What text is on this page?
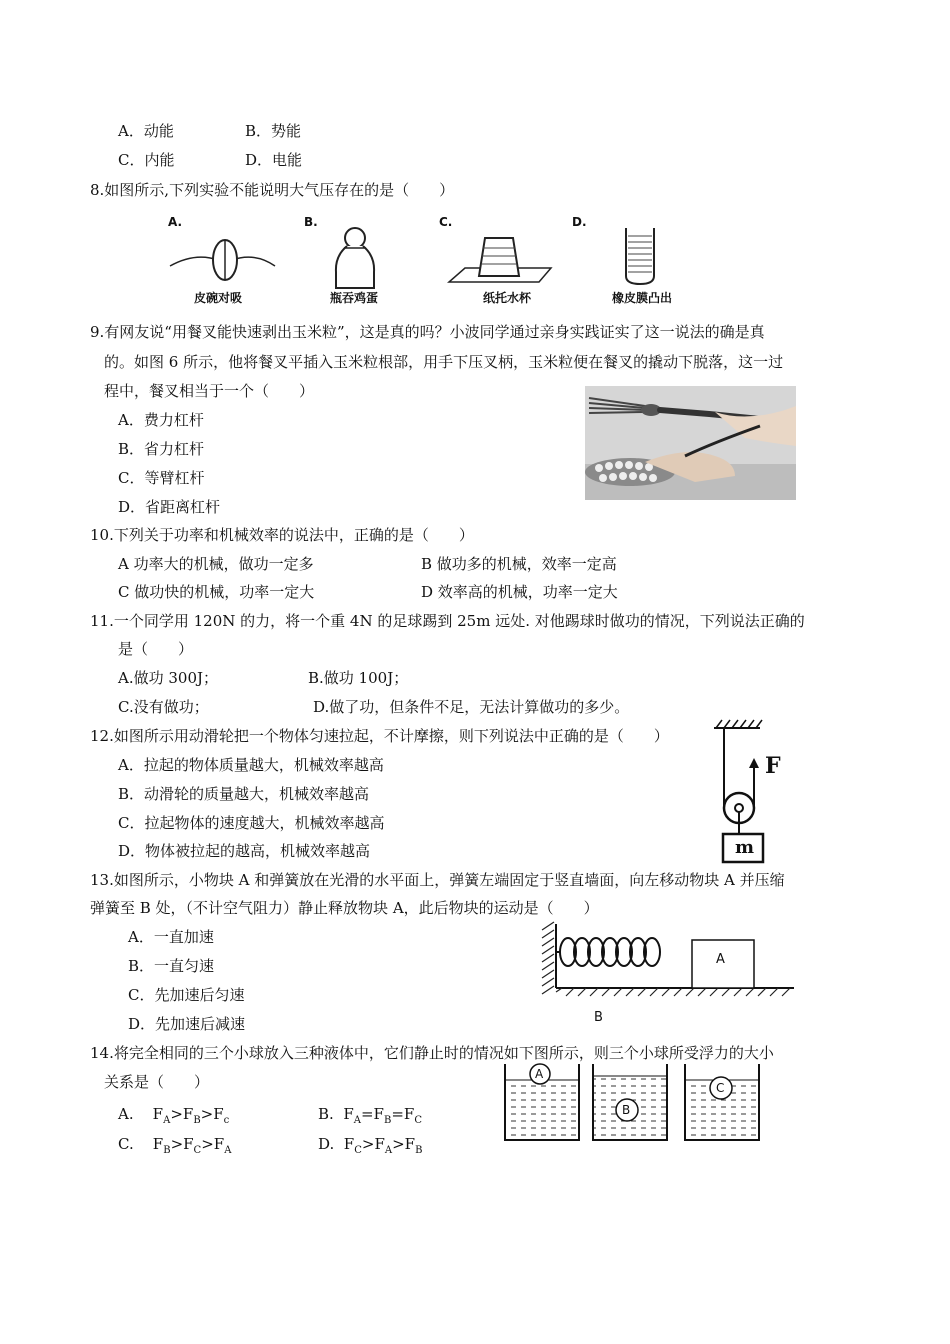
A．动能	B．势能
C．内能	D．电能
8.如图所示,下列实验不能说明大气压存在的是（　　）
A.
皮碗对吸
B.
瓶吞鸡蛋
C.
纸托水杯
D.
橡皮膜凸出
9.有网友说“用餐叉能快速剥出玉米粒”，这是真的吗？小波同学通过亲身实践证实了这一说法的确是真
的。如图 6 所示，他将餐叉平插入玉米粒根部，用手下压叉柄，玉米粒便在餐叉的撬动下脱落，这一过
程中，餐叉相当于一个（　　）
A．费力杠杆
B．省力杠杆
C．等臂杠杆
D．省距离杠杆
10.下列关于功率和机械效率的说法中，正确的是（　　）
A 功率大的机械，做功一定多	B 做功多的机械，效率一定高
C 做功快的机械，功率一定大	D 效率高的机械，功率一定大
11.一个同学用 120N 的力，将一个重 4N 的足球踢到 25m 远处. 对他踢球时做功的情况，下列说法正确的
是（　　）
A.做功 300J；	B.做功 100J；
C.没有做功；	D.做了功，但条件不足，无法计算做功的多少。
12.如图所示用动滑轮把一个物体匀速拉起，不计摩擦，则下列说法中正确的是（　　）
A．拉起的物体质量越大，机械效率越高
B．动滑轮的质量越大，机械效率越高
C．拉起物体的速度越大，机械效率越高
D．物体被拉起的越高，机械效率越高
F
m
13.如图所示，小物块 A 和弹簧放在光滑的水平面上，弹簧左端固定于竖直墙面，向左移动物块 A 并压缩
弹簧至 B 处，（不计空气阻力）静止释放物块 A，此后物块的运动是（　　）
A．一直加速
B．一直匀速
C．先加速后匀速
D．先加速后减速
A
B
14.将完全相同的三个小球放入三种液体中，它们静止时的情况如下图所示，则三个小球所受浮力的大小
关系是（　　）
A.    $F_A>F_B>F_c$	B.  $F_A=F_B=F_C$
C.    $F_B>F_C>F_A$	D.  $F_C>F_A>F_B$
A
B
C
